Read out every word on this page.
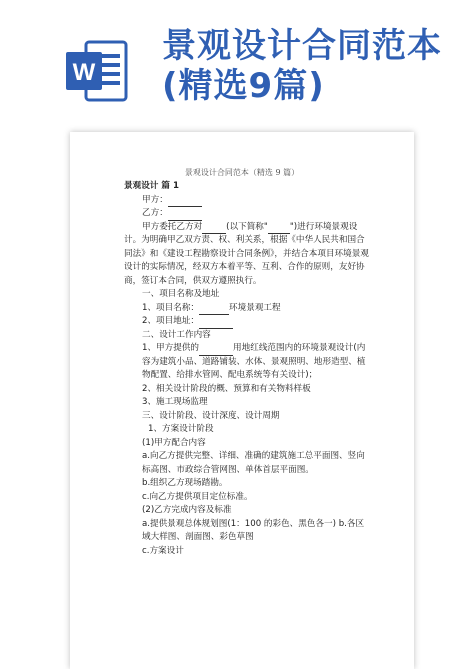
W
景观设计合同范本
(精选9篇)
景观设计合同范本（精选 9 篇）

景观设计 篇 1

甲方：

乙方：

甲方委托乙方对	(以下简称"	")进行环境景观设

计。为明确甲乙双方责、权、利关系，根据《中华人民共和国合同法》和《建设工程勘察设计合同条例》，并结合本项目环境景观设计的实际情况，经双方本着平等、互利、合作的原则，友好协商，签订本合同，供双方遵照执行。

一、项目名称及地址

1、项目名称：	环境景观工程

2、项目地址：

二、设计工作内容

1、甲方提供的	用地红线范围内的环境景观设计(内容为建筑小品、道路铺装、水体、景观照明、地形造型、植物配置、给排水管网、配电系统等有关设计)；

2、相关设计阶段的概、预算和有关物料样板

3、施工现场监理

三、设计阶段、设计深度、设计周期

1、方案设计阶段

(1)甲方配合内容

a.向乙方提供完整、详细、准确的建筑施工总平面图、竖向标高图、市政综合管网图、单体首层平面图。

b.组织乙方现场踏勘。

c.向乙方提供项目定位标准。

(2)乙方完成内容及标准

a.提供景观总体规划图(1：100 的彩色、黑色各一) b.各区域大样图、剖面图、彩色草图

c.方案设计
